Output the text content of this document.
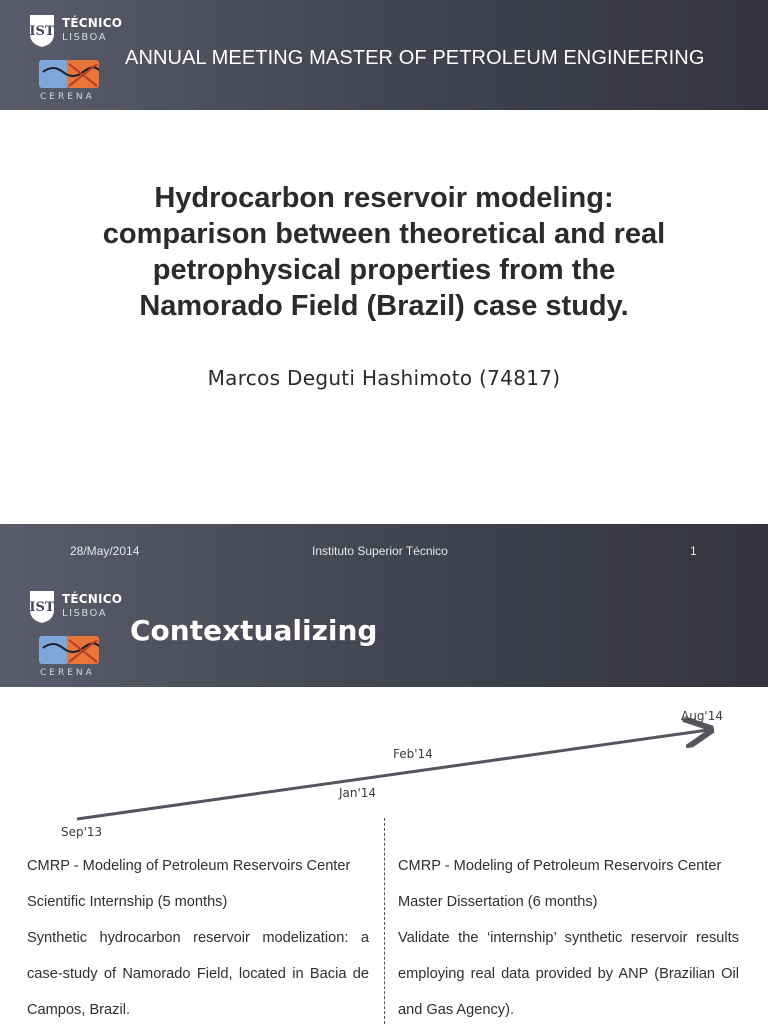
IST
TÉCNICO
LISBOA
CERENA
ANNUAL MEETING MASTER OF PETROLEUM ENGINEERING
Hydrocarbon reservoir modeling:
comparison between theoretical and real
petrophysical properties from the
Namorado Field (Brazil) case study.
Marcos Deguti Hashimoto (74817)
28/May/2014	Instituto Superior Técnico	1
IST
TÉCNICO
LISBOA
CERENA
Contextualizing
Sep'13
Jan'14
Feb'14
Aug'14

CMRP - Modeling of Petroleum Reservoirs Center

Scientific Internship (5 months)

Synthetic hydrocarbon reservoir modelization: a

case-study of Namorado Field, located in Bacia de

Campos, Brazil.

CMRP - Modeling of Petroleum Reservoirs Center

Master Dissertation (6 months)

Validate the ‘internship’ synthetic reservoir results

employing real data provided by ANP (Brazilian Oil

and Gas Agency).
